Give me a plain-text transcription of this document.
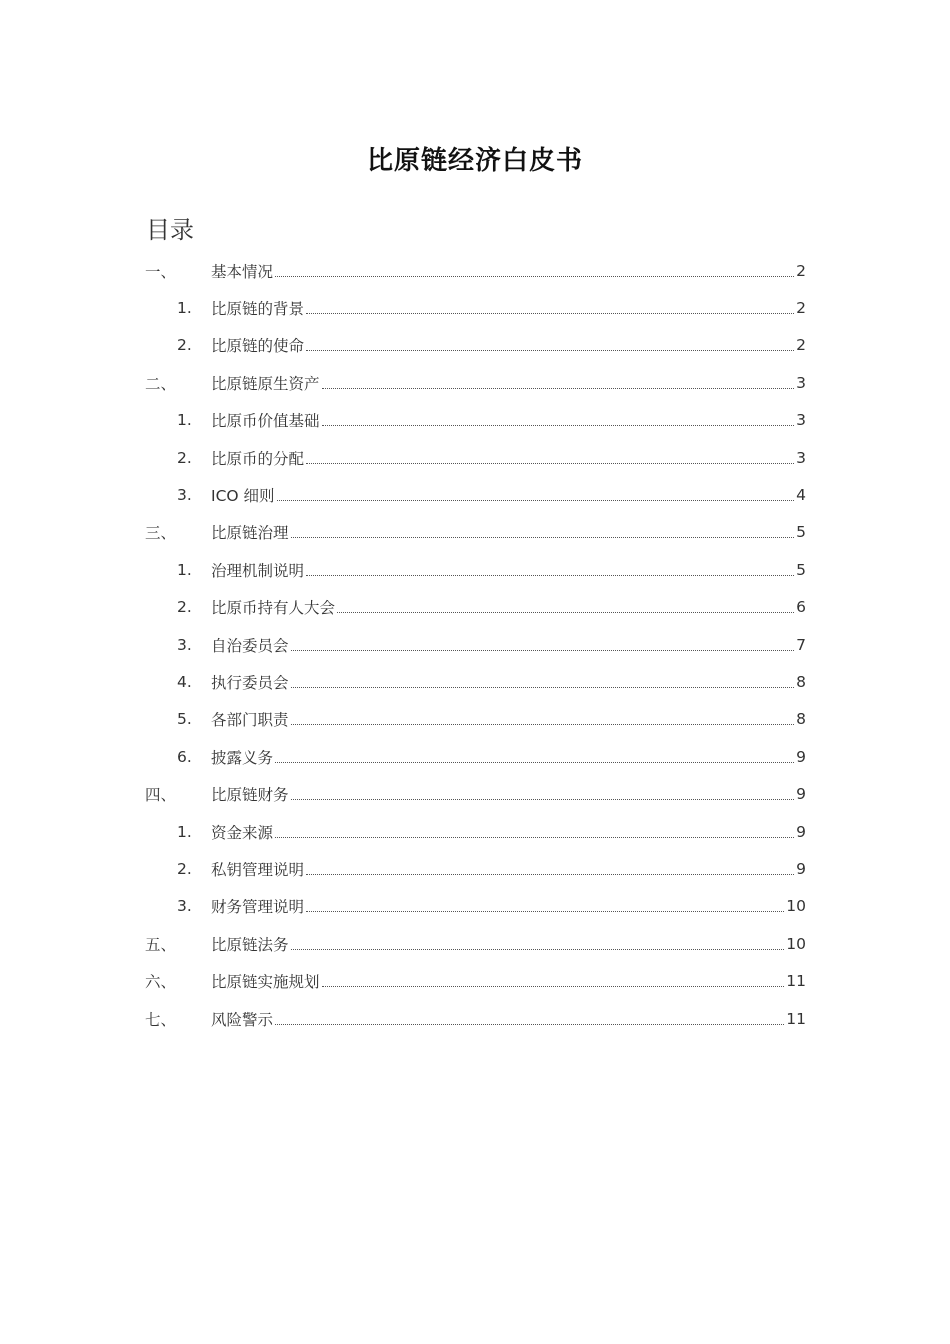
比原链经济白皮书
目录
一、	基本情况	2
1.	比原链的背景	2
2.	比原链的使命	2
二、	比原链原生资产	3
1.	比原币价值基础	3
2.	比原币的分配	3
3.	ICO 细则	4
三、	比原链治理	5
1.	治理机制说明	5
2.	比原币持有人大会	6
3.	自治委员会	7
4.	执行委员会	8
5.	各部门职责	8
6.	披露义务	9
四、	比原链财务	9
1.	资金来源	9
2.	私钥管理说明	9
3.	财务管理说明	10
五、	比原链法务	10
六、	比原链实施规划	11
七、	风险警示	11
